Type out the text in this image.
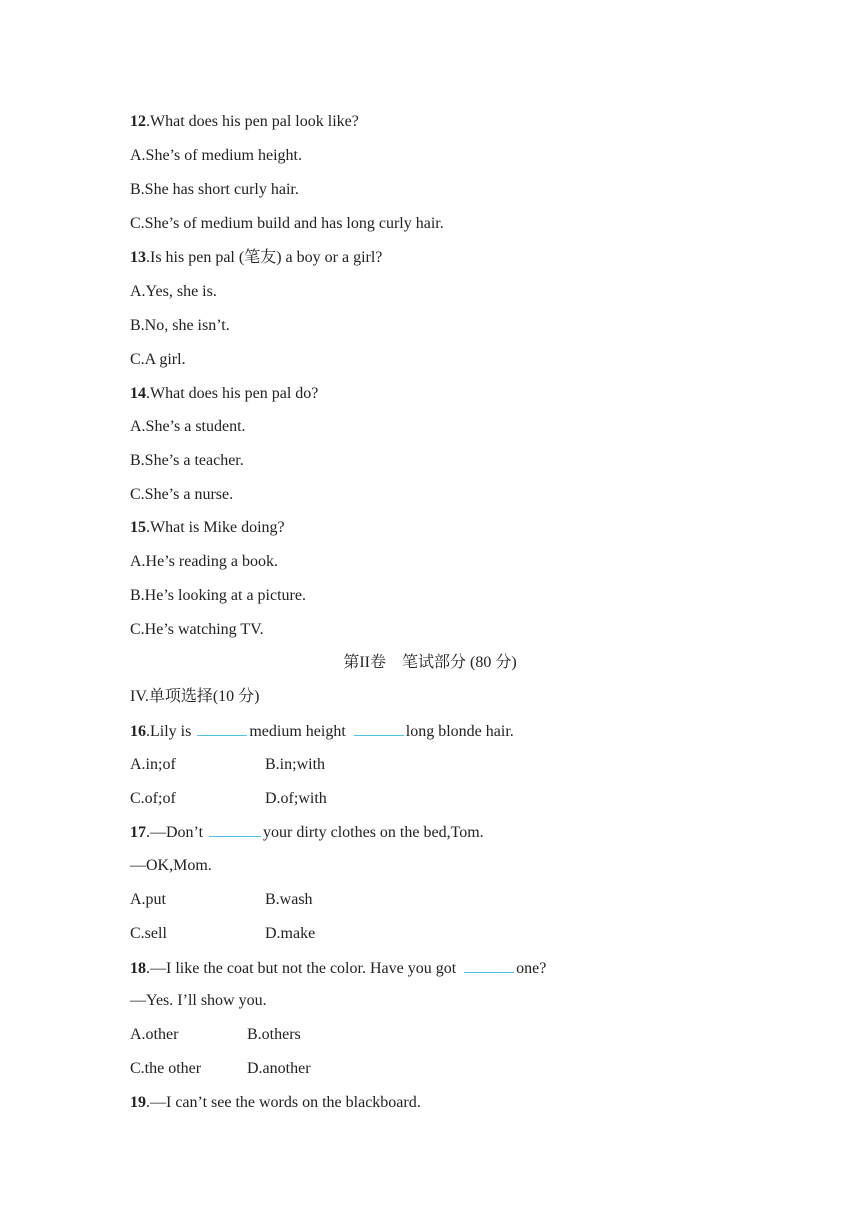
12.What does his pen pal look like?
A.She’s of medium height.
B.She has short curly hair.
C.She’s of medium build and has long curly hair.
13.Is his pen pal (笔友) a boy or a girl?
A.Yes, she is.
B.No, she isn’t.
C.A girl.
14.What does his pen pal do?
A.She’s a student.
B.She’s a teacher.
C.She’s a nurse.
15.What is Mike doing?
A.He’s reading a book.
B.He’s looking at a picture.
C.He’s watching TV.
第II卷 笔试部分 (80 分)
IV.单项选择(10 分)
16.Lily is	medium height	long blonde hair.
A.in;of	B.in;with
C.of;of	D.of;with
17.—Don’t	your dirty clothes on the bed,Tom.
—OK,Mom.
A.put	B.wash
C.sell	D.make
18.—I like the coat but not the color. Have you got	one?
—Yes. I’ll show you.
A.other	B.others
C.the other	D.another
19.—I can’t see the words on the blackboard.
